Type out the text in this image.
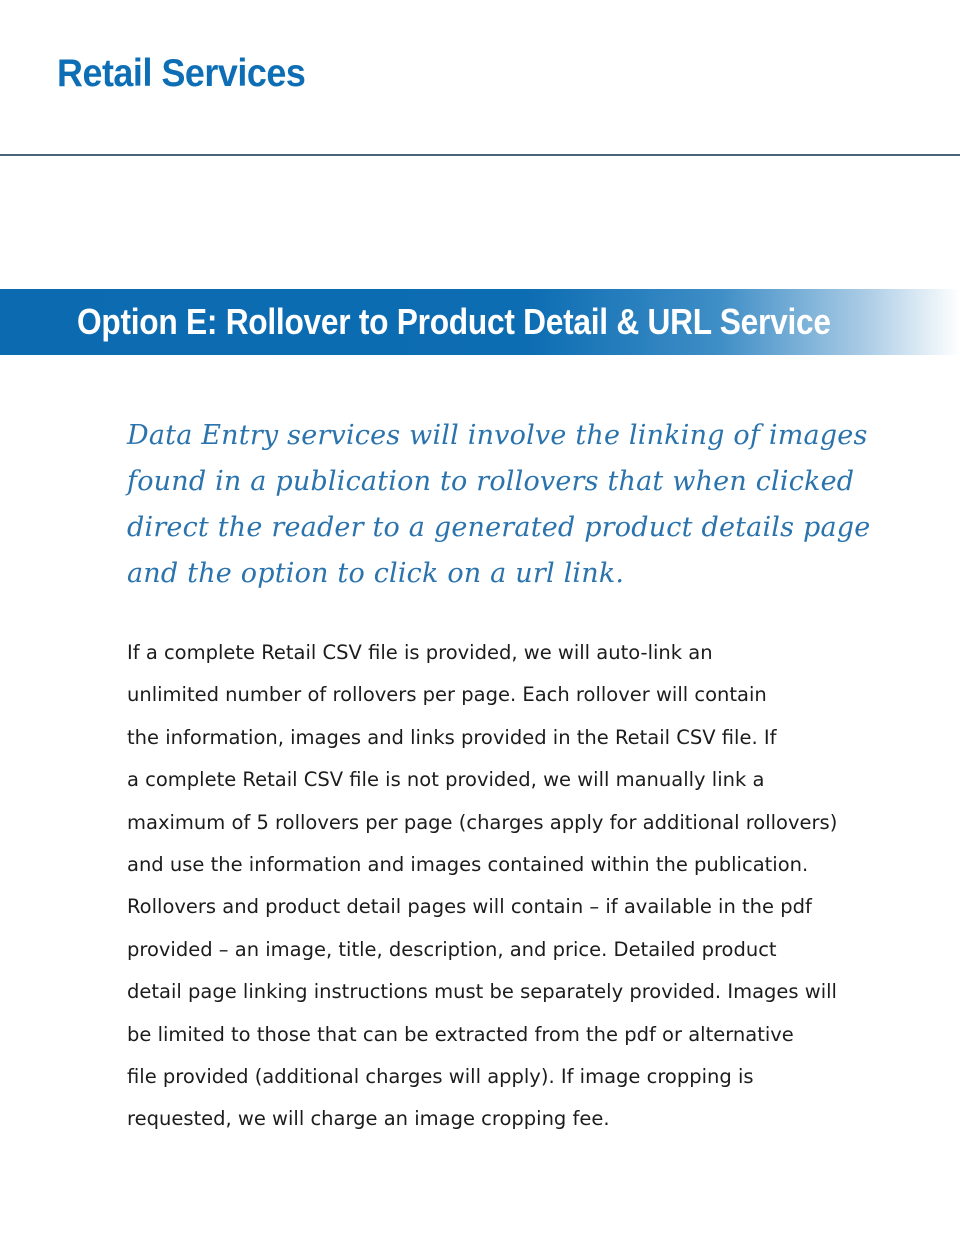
Retail Services
Option E: Rollover to Product Detail & URL Service

Data Entry services will involve the linking of images
found in a publication to rollovers that when clicked
direct the reader to a generated product details page
and the option to click on a url link.

If a complete Retail CSV file is provided, we will auto-link an
unlimited number of rollovers per page. Each rollover will contain
the information, images and links provided in the Retail CSV file. If
a complete Retail CSV file is not provided, we will manually link a
maximum of 5 rollovers per page (charges apply for additional rollovers)
and use the information and images contained within the publication.
Rollovers and product detail pages will contain – if available in the pdf
provided – an image, title, description, and price. Detailed product
detail page linking instructions must be separately provided. Images will
be limited to those that can be extracted from the pdf or alternative
file provided (additional charges will apply). If image cropping is
requested, we will charge an image cropping fee.
